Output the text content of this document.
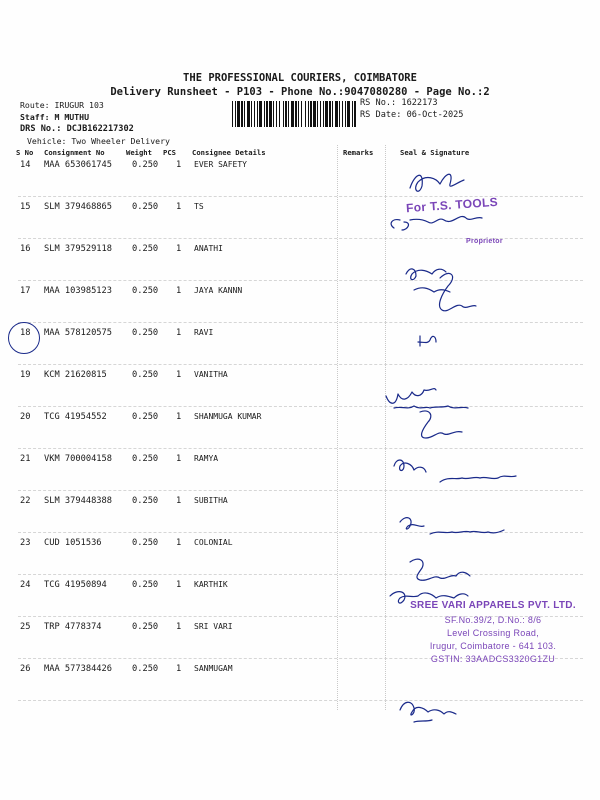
THE PROFESSIONAL COURIERS, COIMBATORE
Delivery Runsheet - P103 - Phone No.:9047080280 - Page No.:2
Route: IRUGUR 103
Staff: M MUTHU
DRS No.: DCJB162217302
Vehicle: Two Wheeler Delivery
RS No.: 1622173
RS Date: 06-Oct-2025
S No Consignment No	Weight PCS Consignee Details	Remarks	Seal & Signature
14 MAA 653061745 0.250 1 EVER SAFETY
15 SLM 379468865 0.250 1 TS
16 SLM 379529118 0.250 1 ANATHI
17 MAA 103985123 0.250 1 JAYA KANNN
18 MAA 578120575 0.250 1 RAVI
19 KCM 21620815	0.250 1 VANITHA
20 TCG 41954552	0.250 1 SHANMUGA KUMAR
21 VKM 700004158 0.250 1 RAMYA
22 SLM 379448388 0.250 1 SUBITHA
23 CUD 1051536	0.250 1 COLONIAL
24 TCG 41950894	0.250 1 KARTHIK
25 TRP 4778374	0.250 1 SRI VARI
26 MAA 577384426 0.250 1 SANMUGAM
For T.S. TOOLS
Proprietor
SREE VARI APPARELS PVT. LTD.
SF.No.39/2, D.No.: 8/6
Level Crossing Road,
Irugur, Coimbatore - 641 103.
GSTIN: 33AADCS3320G1ZU
